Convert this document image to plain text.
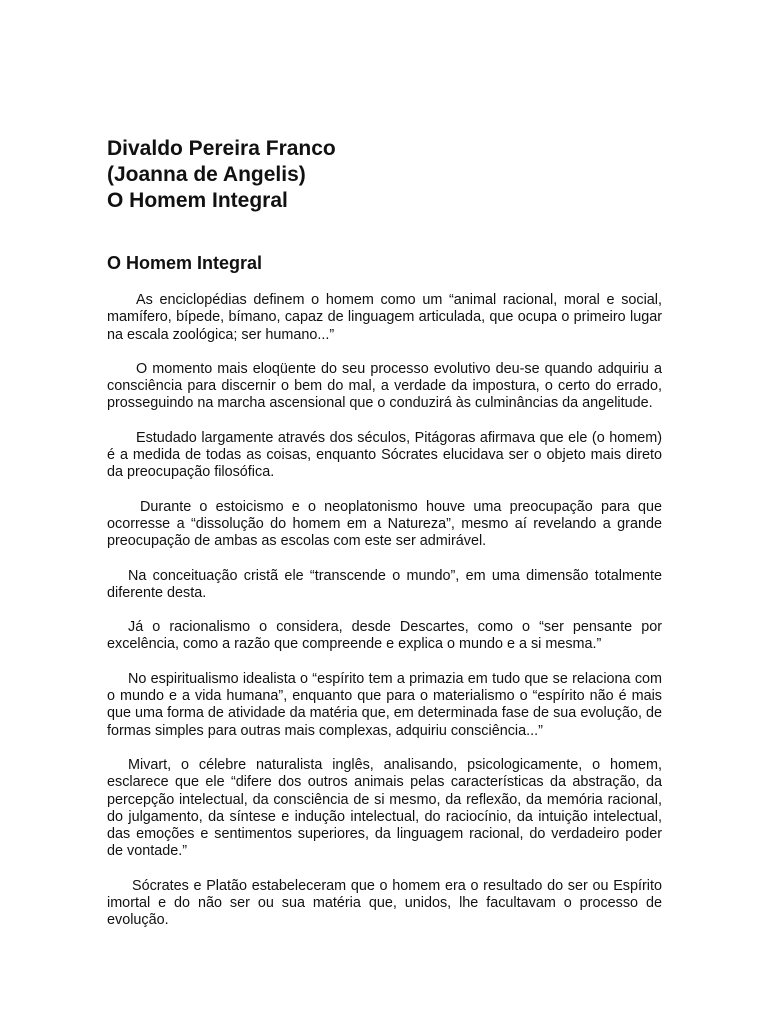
Divaldo Pereira Franco
(Joanna de Angelis)
O Homem Integral
O Homem Integral

As enciclopédias definem o homem como um “animal racional, moral e social, mamífero, bípede, bímano, capaz de linguagem articulada, que ocupa o primeiro lugar na escala zoológica; ser humano...”

O momento mais eloqüente do seu processo evolutivo deu-se quando adquiriu a consciência para discernir o bem do mal, a verdade da impostura, o certo do errado, prosseguindo na marcha ascensional que o conduzirá às culminâncias da angelitude.

Estudado largamente através dos séculos, Pitágoras afirmava que ele (o homem) é a medida de todas as coisas, enquanto Sócrates elucidava ser o objeto mais direto da preocupação filosófica.

Durante o estoicismo e o neoplatonismo houve uma preocupação para que ocorresse a “dissolução do homem em a Natureza”, mesmo aí revelando a grande preocupação de ambas as escolas com este ser admirável.

Na conceituação cristã ele “transcende o mundo”, em uma dimensão totalmente diferente desta.

Já o racionalismo o considera, desde Descartes, como o “ser pensante por excelência, como a razão que compreende e explica o mundo e a si mesma.”

No espiritualismo idealista o “espírito tem a primazia em tudo que se relaciona com o mundo e a vida humana”, enquanto que para o materialismo o “espírito não é mais que uma forma de atividade da matéria que, em determinada fase de sua evolução, de formas simples para outras mais complexas, adquiriu consciência...”

Mivart, o célebre naturalista inglês, analisando, psicologicamente, o homem, esclarece que ele “difere dos outros animais pelas características da abstração, da percepção intelectual, da consciência de si mesmo, da reflexão, da memória racional, do julgamento, da síntese e indução intelectual, do raciocínio, da intuição intelectual, das emoções e sentimentos superiores, da linguagem racional, do verdadeiro poder de vontade.”

Sócrates e Platão estabeleceram que o homem era o resultado do ser ou Espírito imortal e do não ser ou sua matéria que, unidos, lhe facultavam o processo de evolução.
